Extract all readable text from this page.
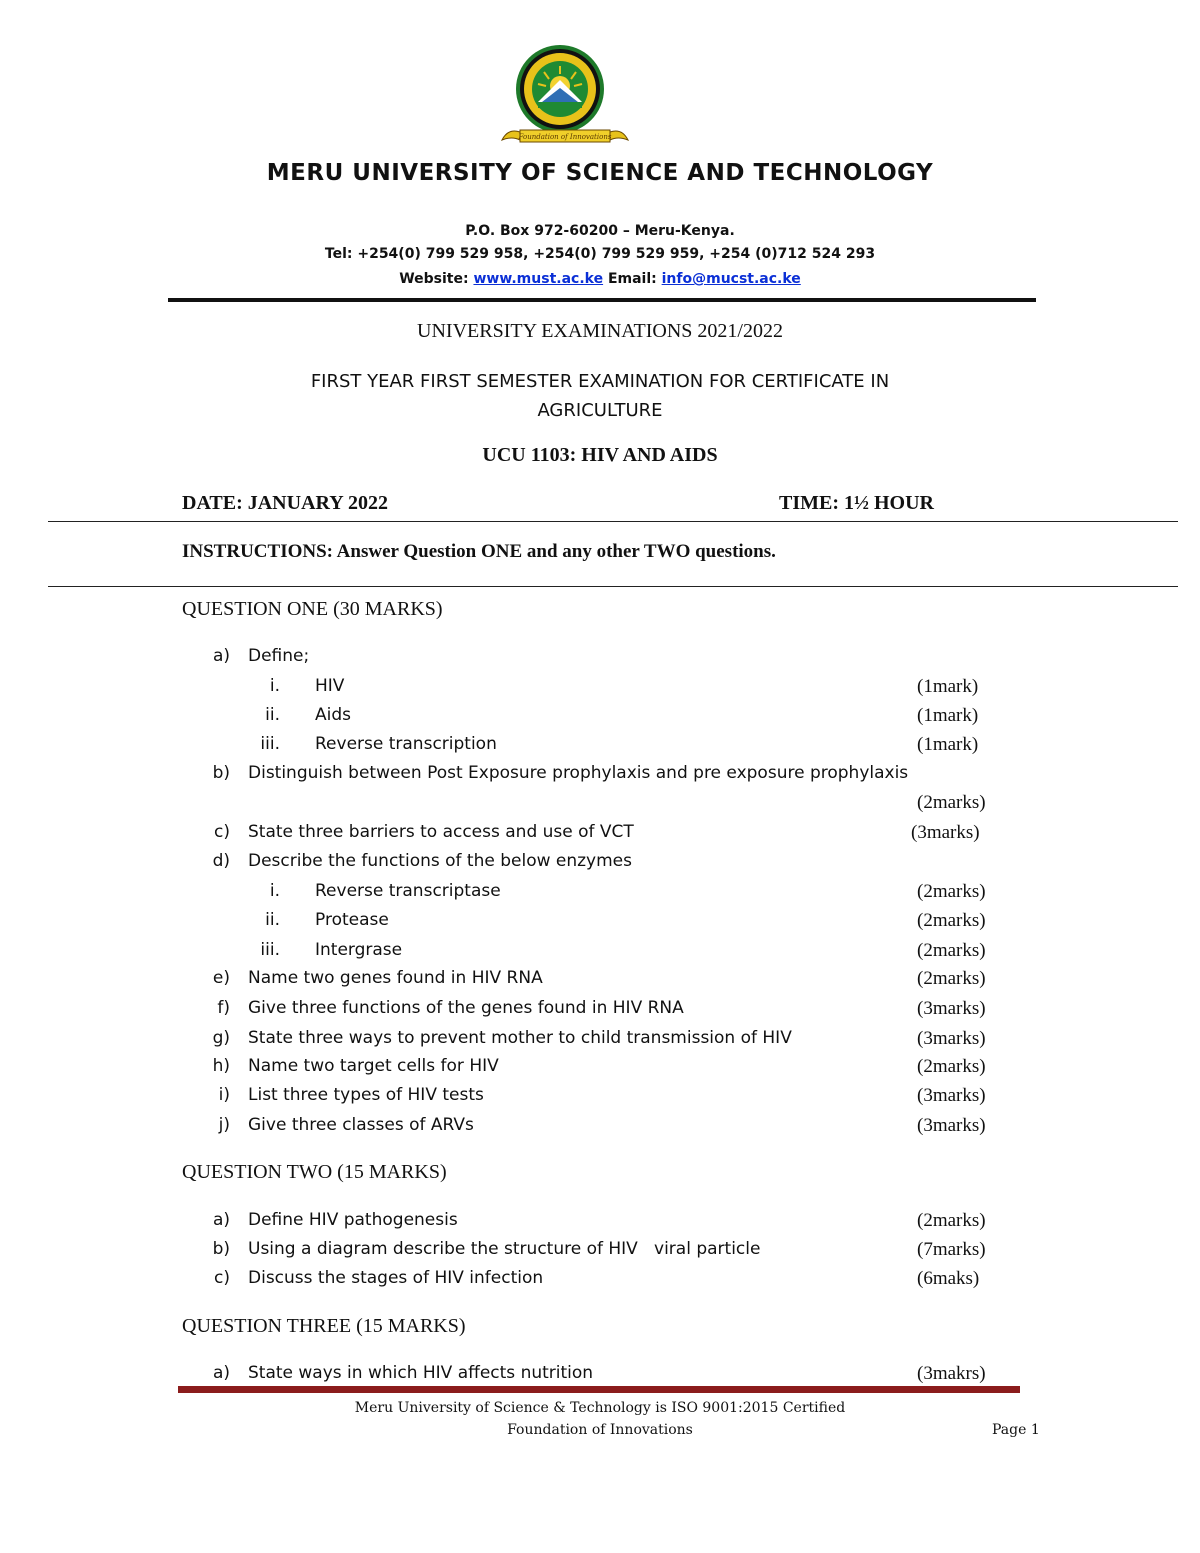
Foundation of Innovations
MERU UNIVERSITY OF SCIENCE AND TECHNOLOGY
P.O. Box 972-60200 – Meru-Kenya.
Tel: +254(0) 799 529 958, +254(0) 799 529 959, +254 (0)712 524 293
Website: www.must.ac.ke Email: info@mucst.ac.ke
UNIVERSITY EXAMINATIONS 2021/2022
FIRST YEAR FIRST SEMESTER EXAMINATION FOR CERTIFICATE IN
AGRICULTURE
UCU 1103: HIV AND AIDS
DATE: JANUARY 2022	TIME: 1½ HOUR
INSTRUCTIONS: Answer Question ONE and any other TWO questions.
QUESTION ONE (30 MARKS)
a) Define;
i. HIV	(1mark)
ii. Aids	(1mark)
iii. Reverse transcription	(1mark)
b) Distinguish between Post Exposure prophylaxis and pre exposure prophylaxis
(2marks)
c) State three barriers to access and use of VCT	(3marks)
d) Describe the functions of the below enzymes
i. Reverse transcriptase	(2marks)
ii. Protease	(2marks)
iii. Intergrase	(2marks)
e) Name two genes found in HIV RNA	(2marks)
f) Give three functions of the genes found in HIV RNA	(3marks)
g) State three ways to prevent mother to child transmission of HIV	(3marks)
h) Name two target cells for HIV	(2marks)
i) List three types of HIV tests	(3marks)
j) Give three classes of ARVs	(3marks)
QUESTION TWO (15 MARKS)
a) Define HIV pathogenesis	(2marks)
b) Using a diagram describe the structure of HIV   viral particle	(7marks)
c) Discuss the stages of HIV infection	(6maks)
QUESTION THREE (15 MARKS)
a) State ways in which HIV affects nutrition	(3makrs)
Meru University of Science & Technology is ISO 9001:2015 Certified
Foundation of Innovations	Page 1
